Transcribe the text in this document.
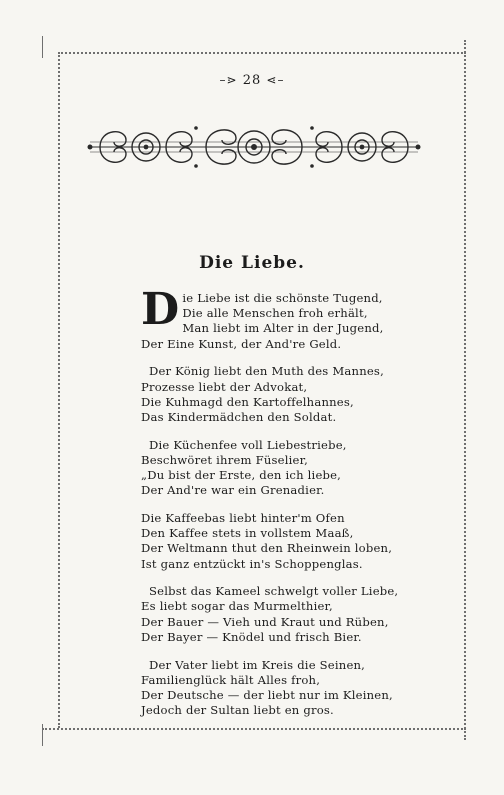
–⋗ 28 ⋖–
Die Liebe.
D ie Liebe ist die schönste Tugend,
Die alle Menschen froh erhält,
Man liebt im Alter in der Jugend,
Der Eine Kunst, der And're Geld.
Der König liebt den Muth des Mannes,
Prozesse liebt der Advokat,
Die Kuhmagd den Kartoffelhannes,
Das Kindermädchen den Soldat.
Die Küchenfee voll Liebestriebe,
Beschwöret ihrem Füselier,
„Du bist der Erste, den ich liebe,
Der And're war ein Grenadier.
Die Kaffeebas liebt hinter'm Ofen
Den Kaffee stets in vollstem Maaß,
Der Weltmann thut den Rheinwein loben,
Ist ganz entzückt in's Schoppenglas.
Selbst das Kameel schwelgt voller Liebe,
Es liebt sogar das Murmelthier,
Der Bauer — Vieh und Kraut und Rüben,
Der Bayer — Knödel und frisch Bier.
Der Vater liebt im Kreis die Seinen,
Familienglück hält Alles froh,
Der Deutsche — der liebt nur im Kleinen,
Jedoch der Sultan liebt en gros.
